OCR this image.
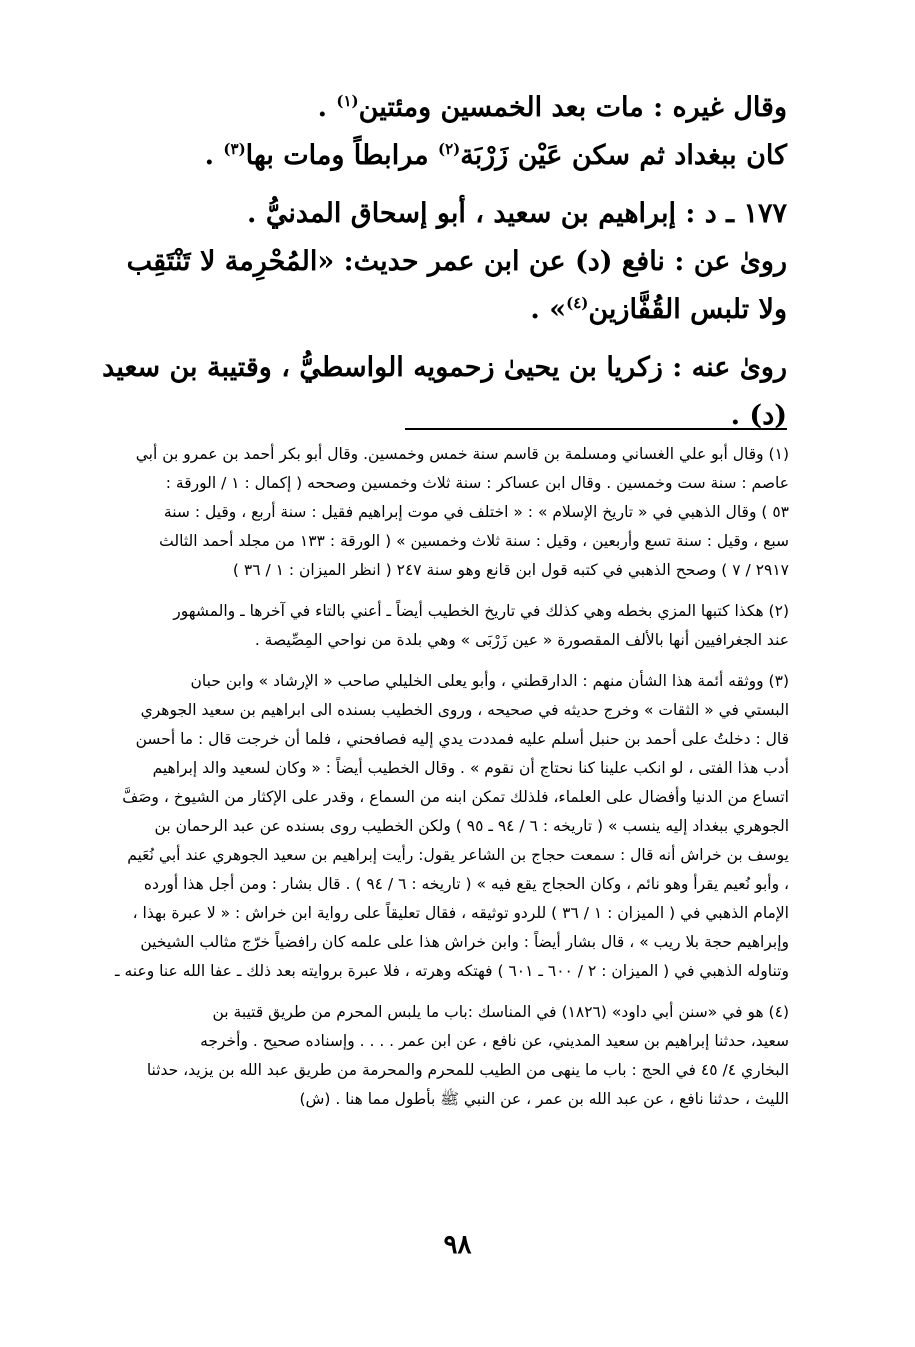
وقال غيره : مات بعد الخمسين ومئتين$^{(١)}$ .

كان ببغداد ثم سكن عَيْن زَرْبَة$^{(٢)}$ مرابطاً ومات بها$^{(٣)}$ .

١٧٧ ـ د : إبراهيم بن سعيد ، أبو إسحاق المدنيُّ .

روىٰ عن : نافع (د) عن ابن عمر حديث: «المُحْرِمة لا تَنْتَقِب

ولا تلبس القُفَّازين$^{(٤)}$» .

روىٰ عنه : زكريا بن يحيىٰ زحمويه الواسطيُّ ، وقتيبة بن سعيد

(د) .

(١) وقال أبو علي الغساني ومسلمة بن قاسم سنة خمس وخمسين. وقال أبو بكر أحمد بن عمرو بن أبي
عاصم : سنة ست وخمسين . وقال ابن عساكر : سنة ثلاث وخمسين وصححه ( إكمال : ١ / الورقة :
٥٣ ) وقال الذهبي في « تاريخ الإسلام » : « اختلف في موت إبراهيم فقيل : سنة أربع ، وقيل : سنة
سبع ، وقيل : سنة تسع وأربعين ، وقيل : سنة ثلاث وخمسين » ( الورقة : ١٣٣ من مجلد أحمد الثالث
٢٩١٧ / ٧ ) وصحح الذهبي في كتبه قول ابن قانع وهو سنة ٢٤٧ ( انظر الميزان : ١ / ٣٦ )
(٢) هكذا كتبها المزي بخطه وهي كذلك في تاريخ الخطيب أيضاً ـ أعني بالتاء في آخرها ـ والمشهور
عند الجغرافيين أنها بالألف المقصورة « عين زَرْبَى » وهي بلدة من نواحي المِصِّيصة .
(٣) ووثقه أئمة هذا الشأن منهم : الدارقطني ، وأبو يعلى الخليلي صاحب « الإرشاد » وابن حبان
البستي في « الثقات » وخرج حديثه في صحيحه ، وروى الخطيب بسنده الى ابراهيم بن سعيد الجوهري
قال : دخلتُ على أحمد بن حنبل أسلم عليه فمددت يدي إليه فصافحني ، فلما أن خرجت قال : ما أحسن
أدب هذا الفتى ، لو انكب علينا كنا نحتاج أن نقوم » . وقال الخطيب أيضاً : « وكان لسعيد والد إبراهيم
اتساع من الدنيا وأفضال على العلماء، فلذلك تمكن ابنه من السماع ، وقدر على الإكثار من الشيوخ ، وصَفَّ
الجوهري ببغداد إليه ينسب » ( تاريخه : ٦ / ٩٤ ـ ٩٥ ) ولكن الخطيب روى بسنده عن عبد الرحمان بن
يوسف بن خراش أنه قال : سمعت حجاج بن الشاعر يقول: رأيت إبراهيم بن سعيد الجوهري عند أبي نُعَيم
، وأبو نُعيم يقرأ وهو نائم ، وكان الحجاج يقع فيه » ( تاريخه : ٦ / ٩٤ ) . قال بشار : ومن أجل هذا أورده
الإمام الذهبي في ( الميزان : ١ / ٣٦ ) للردو توثيقه ، فقال تعليقاً على رواية ابن خراش : « لا عبرة بهذا ،
وإبراهيم حجة بلا ريب » ، قال بشار أيضاً : وابن خراش هذا على علمه كان رافضياً خرّج مثالب الشيخين
وتناوله الذهبي في ( الميزان : ٢ / ٦٠٠ ـ ٦٠١ ) فهتكه وهرته ، فلا عبرة بروايته بعد ذلك ـ عفا الله عنا وعنه ـ
(٤) هو في «سنن أبي داود» (١٨٢٦) في المناسك :باب ما يلبس المحرم من طريق قتيبة بن
سعيد، حدثنا إبراهيم بن سعيد المديني، عن نافع ، عن ابن عمر . . . . وإسناده صحيح . وأخرجه
البخاري ٤/ ٤٥ في الحج : باب ما ينهى من الطيب للمحرم والمحرمة من طريق عبد الله بن يزيد، حدثنا
الليث ، حدثنا نافع ، عن عبد الله بن عمر ، عن النبي ﷺ بأطول مما هنا . (ش)
٩٨
